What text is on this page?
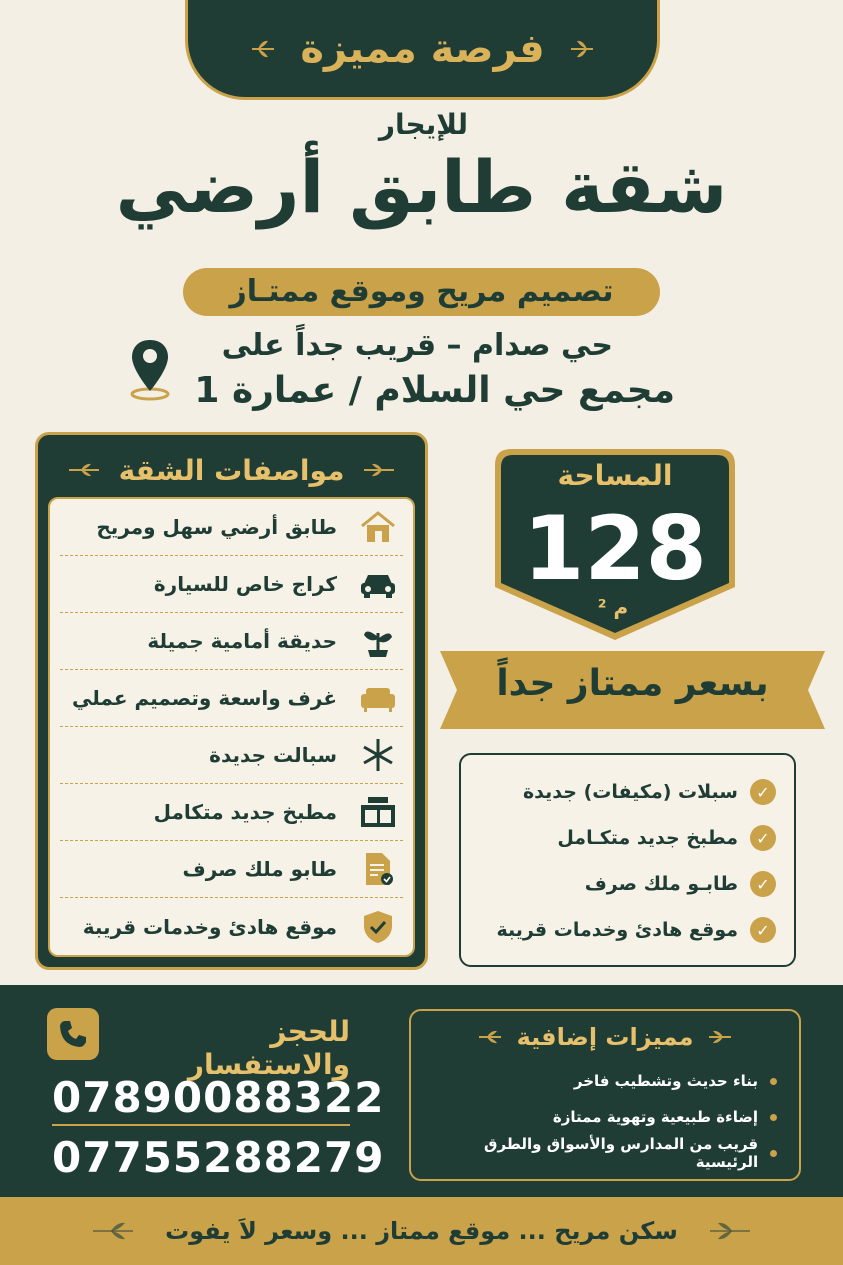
فرصة مميزة
للإيجار
شقة طابق أرضي
تصميم مريح وموقع ممتـاز
حي صدام – قريب جداً على
مجمع حي السلام / عمارة 1
مواصفات الشقة
طابق أرضي سهل ومريح
كراج خاص للسيارة
حديقة أمامية جميلة
غرف واسعة وتصميم عملي
سبالت جديدة
مطبخ جديد متكامل
طابو ملك صرف
موقع هادئ وخدمات قريبة
المساحة
128
م ²
بسعر ممتاز جداً
سبلات (مكيفات) جديدة	✓
مطبخ جديد متكـامل	✓
طابـو ملك صرف	✓
موقع هادئ وخدمات قريبة	✓
للحجز والاستفسار
07890088322
07755288279
مميزات إضافية
بناء حديث وتشطيب فاخر
إضاءة طبيعية وتهوية ممتازة
قريب من المدارس والأسواق والطرق الرئيسية
سكن مريح ... موقع ممتاز ... وسعر لاَ يفوت
